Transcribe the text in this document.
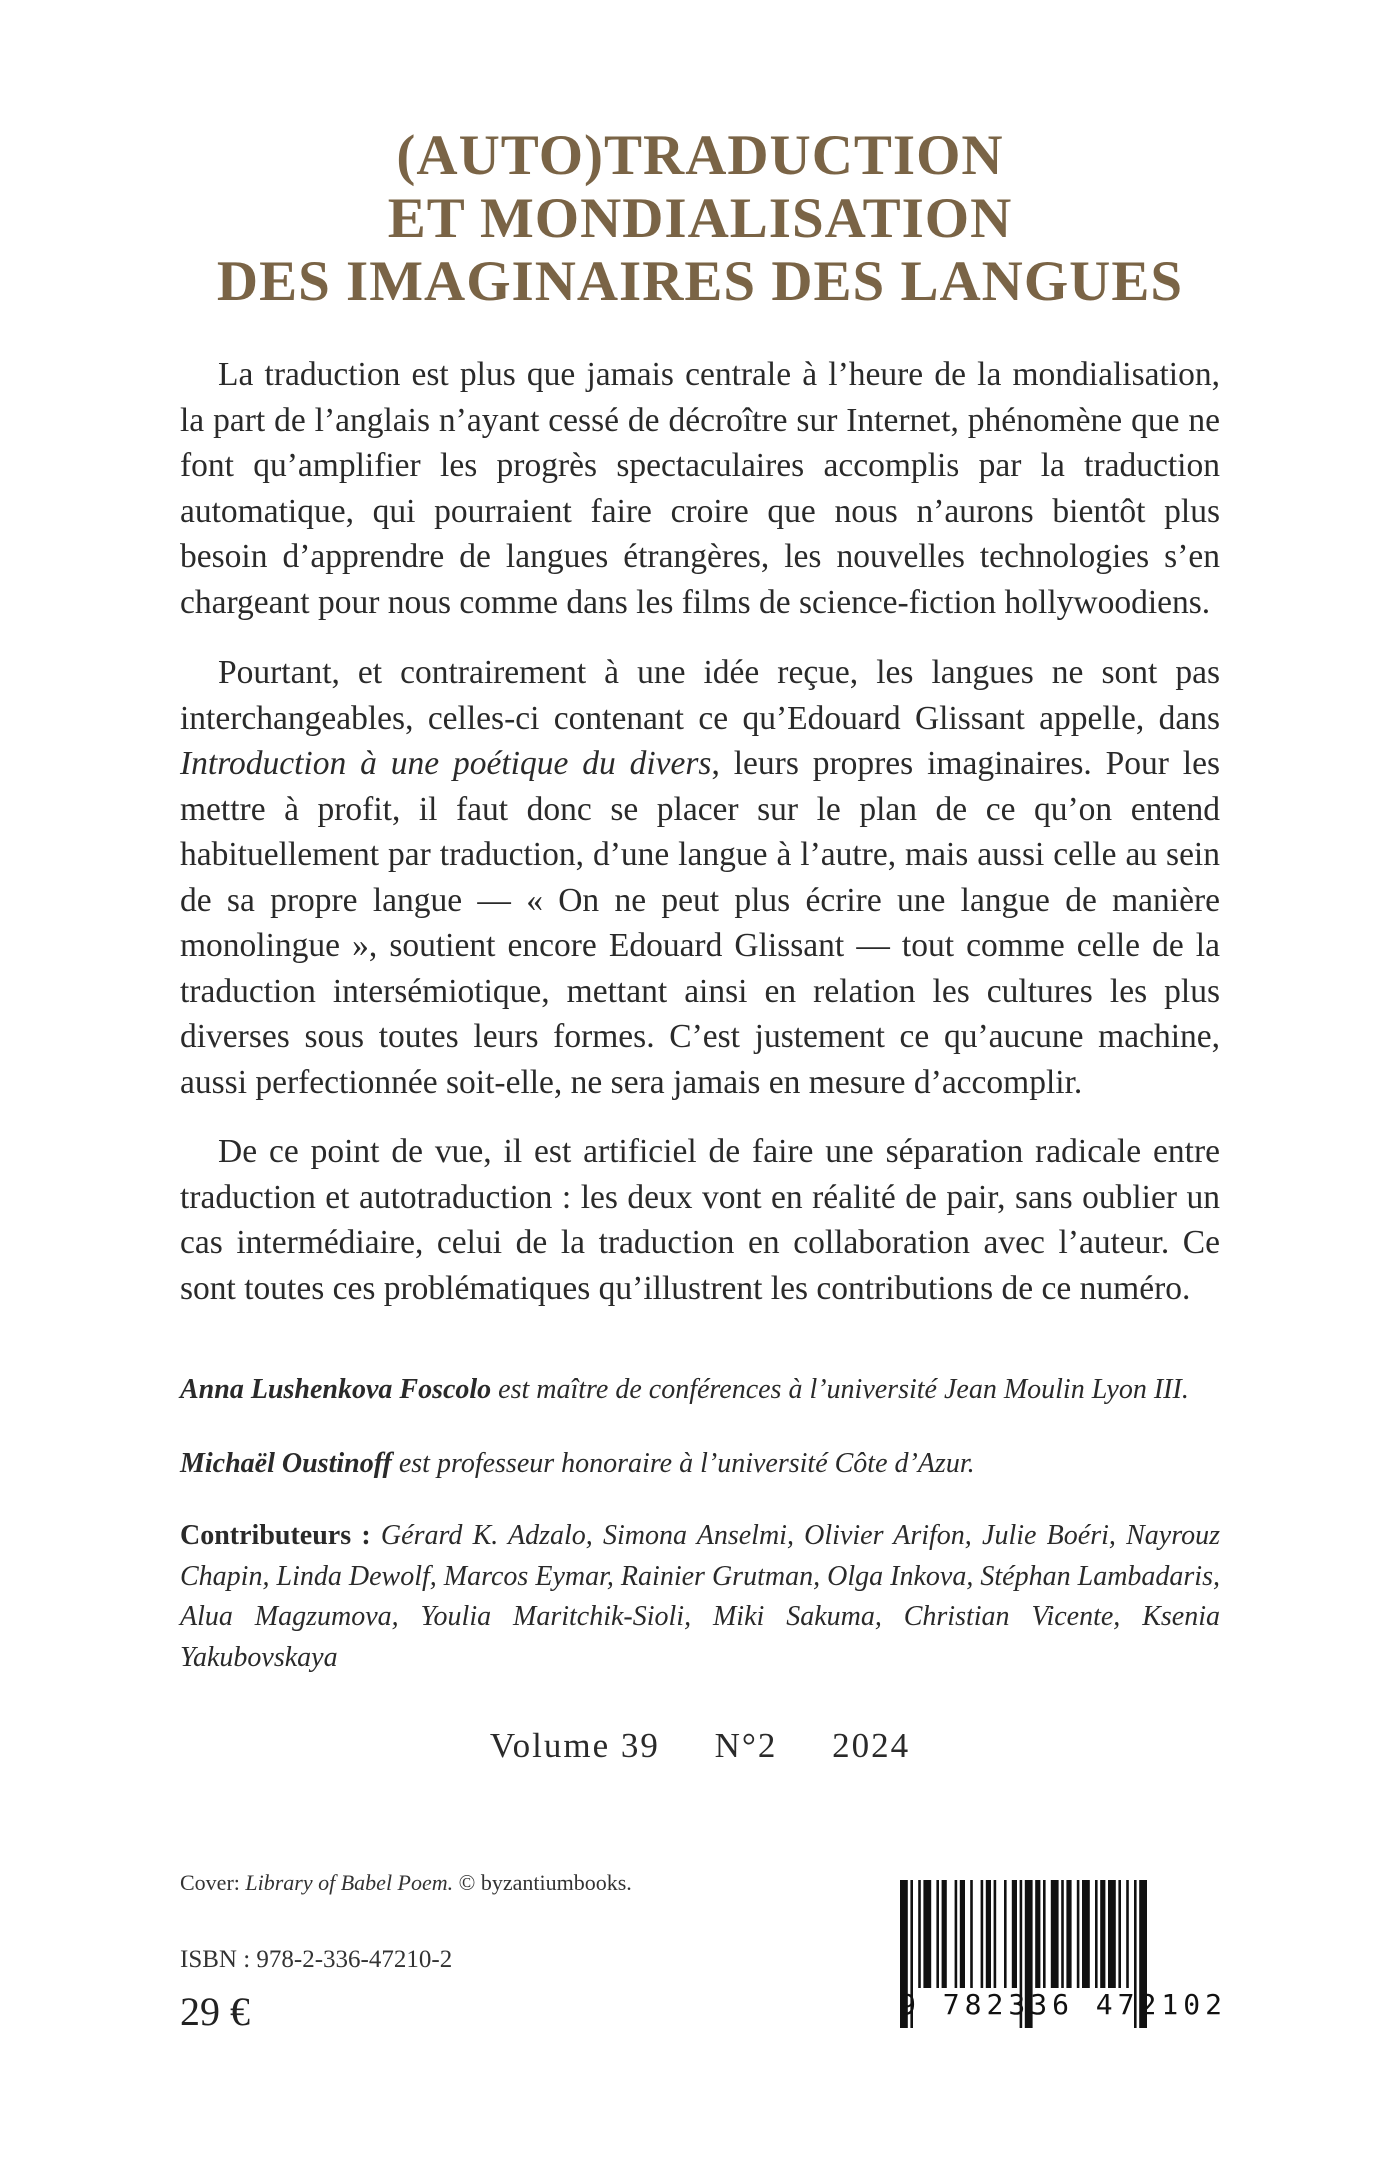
(AUTO)TRADUCTION
ET MONDIALISATION
DES IMAGINAIRES DES LANGUES

La traduction est plus que jamais centrale à l’heure de la mondialisation, la part de l’anglais n’ayant cessé de décroître sur Internet, phénomène que ne font qu’amplifier les progrès spectaculaires accomplis par la traduction automatique, qui pourraient faire croire que nous n’aurons bientôt plus besoin d’apprendre de langues étrangères, les nouvelles technologies s’en chargeant pour nous comme dans les films de science-fiction hollywoodiens.

Pourtant, et contrairement à une idée reçue, les langues ne sont pas interchangeables, celles-ci contenant ce qu’Edouard Glissant appelle, dans Introduction à une poétique du divers, leurs propres imaginaires. Pour les mettre à profit, il faut donc se placer sur le plan de ce qu’on entend habituellement par traduction, d’une langue à l’autre, mais aussi celle au sein de sa propre langue — « On ne peut plus écrire une langue de manière monolingue », soutient encore Edouard Glissant — tout comme celle de la traduction intersémiotique, mettant ainsi en relation les cultures les plus diverses sous toutes leurs formes. C’est justement ce qu’aucune machine, aussi perfectionnée soit-elle, ne sera jamais en mesure d’accomplir.

De ce point de vue, il est artificiel de faire une séparation radicale entre traduction et autotraduction : les deux vont en réalité de pair, sans oublier un cas intermédiaire, celui de la traduction en collaboration avec l’auteur. Ce sont toutes ces problématiques qu’illustrent les contributions de ce numéro.

Anna Lushenkova Foscolo est maître de conférences à l’université Jean Moulin Lyon III.
Michaël Oustinoff est professeur honoraire à l’université Côte d’Azur.
Contributeurs : Gérard K. Adzalo, Simona Anselmi, Olivier Arifon, Julie Boéri, Nayrouz Chapin, Linda Dewolf, Marcos Eymar, Rainier Grutman, Olga Inkova, Stéphan Lambadaris, Alua Magzumova, Youlia Maritchik-Sioli, Miki Sakuma, Christian Vicente, Ksenia Yakubovskaya
Volume 39 N°2 2024
Cover: Library of Babel Poem. © byzantiumbooks.
ISBN : 978-2-336-47210-2
29 €	9 782336 472102
